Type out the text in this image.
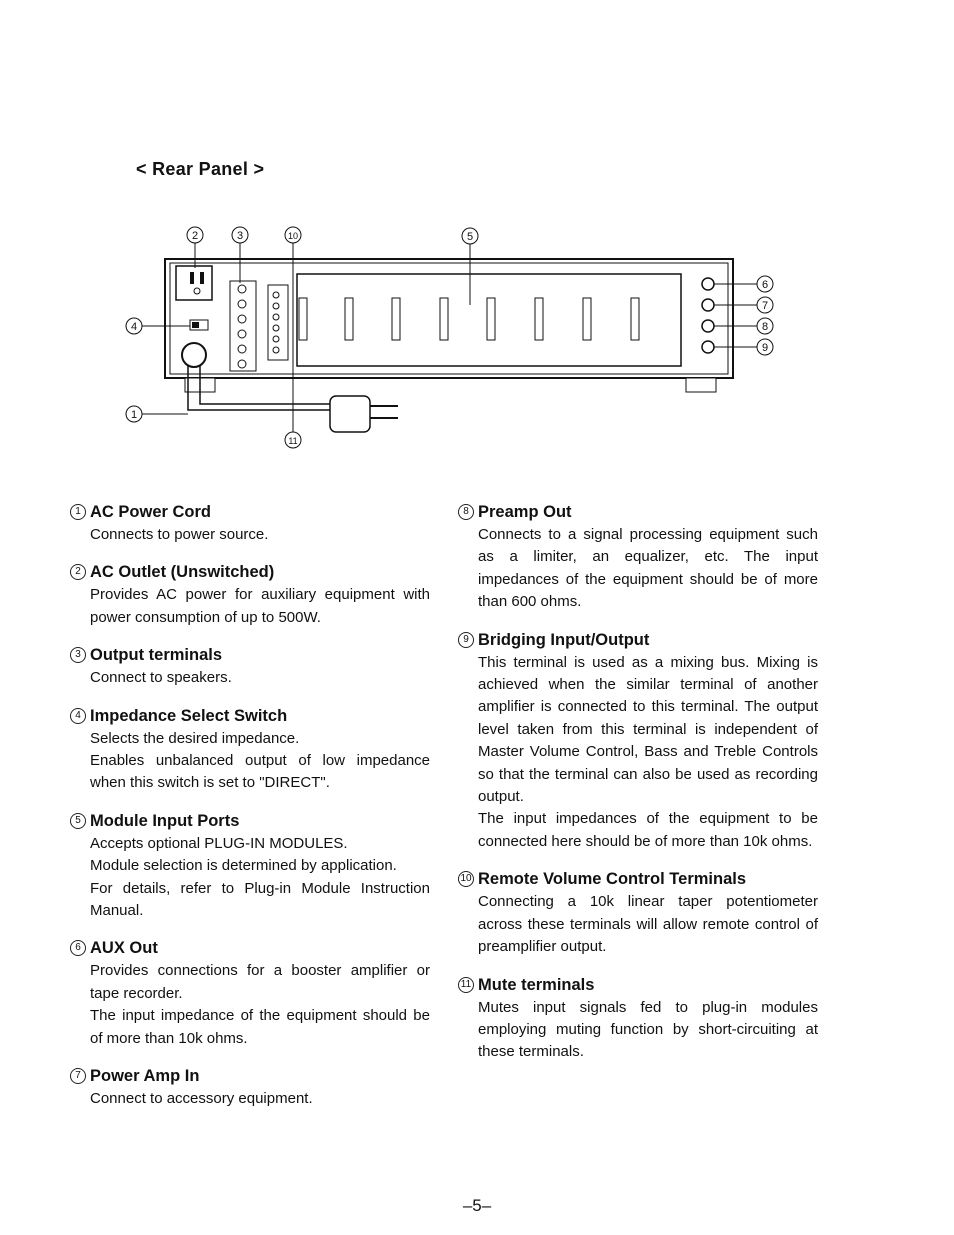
< Rear Panel >
2	3	10	5
4
1
11
6
7
8
9
1 AC Power Cord

Connects to power source.

2 AC Outlet (Unswitched)

Provides AC power for auxiliary equipment with power consumption of up to 500W.

3 Output terminals

Connect to speakers.

4 Impedance Select Switch

Selects the desired impedance.

Enables unbalanced output of low impedance when this switch is set to "DIRECT".

5 Module Input Ports

Accepts optional PLUG-IN MODULES.

Module selection is determined by application.

For details, refer to Plug-in Module Instruction Manual.

6 AUX Out

Provides connections for a booster amplifier or tape recorder.

The input impedance of the equipment should be of more than 10k ohms.

7 Power Amp In

Connect to accessory equipment.

8 Preamp Out

Connects to a signal processing equipment such as a limiter, an equalizer, etc. The input impedances of the equipment should be of more than 600 ohms.

9 Bridging Input/Output

This terminal is used as a mixing bus. Mixing is achieved when the similar terminal of another amplifier is connected to this terminal. The output level taken from this terminal is independent of Master Volume Control, Bass and Treble Controls so that the terminal can also be used as recording output.

The input impedances of the equipment to be connected here should be of more than 10k ohms.

10 Remote Volume Control Terminals

Connecting a 10k linear taper potentiometer across these terminals will allow remote control of preamplifier output.

11 Mute terminals

Mutes input signals fed to plug-in modules employing muting function by short-circuiting at these terminals.

–5–
